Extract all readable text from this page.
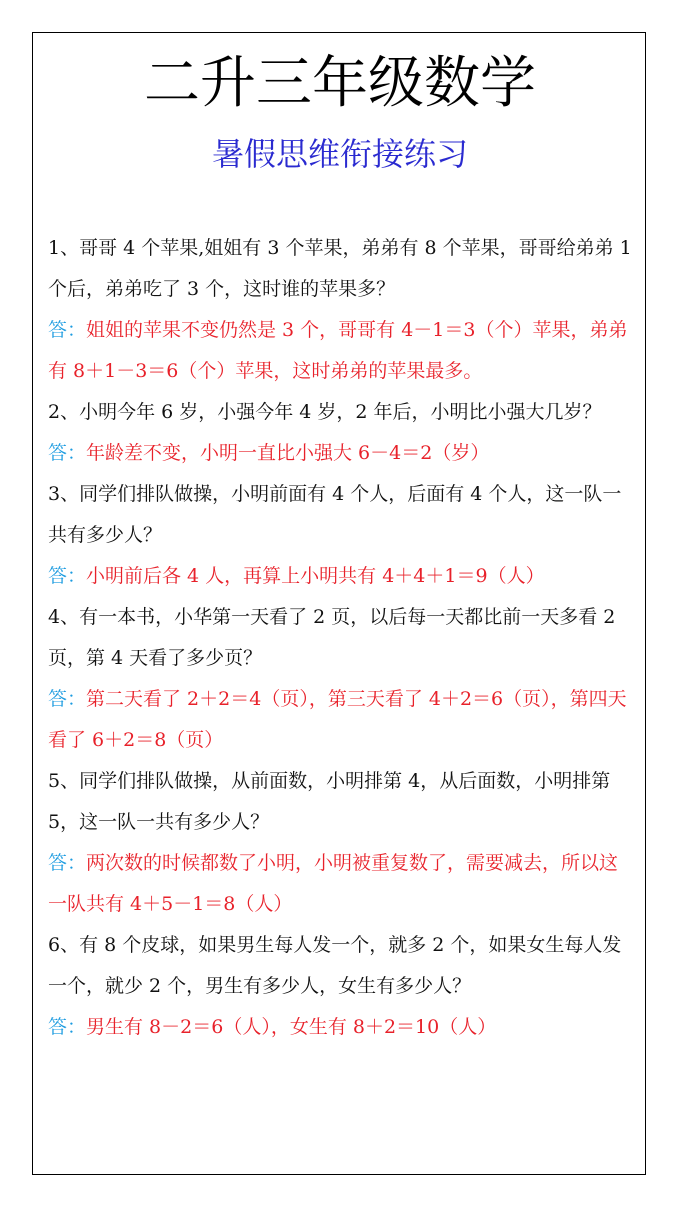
二升三年级数学
暑假思维衔接练习

1、哥哥 4 个苹果,姐姐有 3 个苹果，弟弟有 8 个苹果，哥哥给弟弟 1 个后，弟弟吃了 3 个，这时谁的苹果多？

答：姐姐的苹果不变仍然是 3 个，哥哥有 4－1＝3（个）苹果，弟弟有 8＋1－3＝6（个）苹果，这时弟弟的苹果最多。

2、小明今年 6 岁，小强今年 4 岁，2 年后，小明比小强大几岁？

答：年龄差不变，小明一直比小强大 6－4＝2（岁）

3、同学们排队做操，小明前面有 4 个人，后面有 4 个人，这一队一共有多少人？

答：小明前后各 4 人，再算上小明共有 4＋4＋1＝9（人）

4、有一本书，小华第一天看了 2 页，以后每一天都比前一天多看 2 页，第 4 天看了多少页？

答：第二天看了 2＋2＝4（页），第三天看了 4＋2＝6（页），第四天看了 6＋2＝8（页）

5、同学们排队做操，从前面数，小明排第 4，从后面数，小明排第 5，这一队一共有多少人？

答：两次数的时候都数了小明，小明被重复数了，需要减去，所以这一队共有 4＋5－1＝8（人）

6、有 8 个皮球，如果男生每人发一个，就多 2 个，如果女生每人发一个，就少 2 个，男生有多少人，女生有多少人？

答：男生有 8－2＝6（人），女生有 8＋2＝10（人）
